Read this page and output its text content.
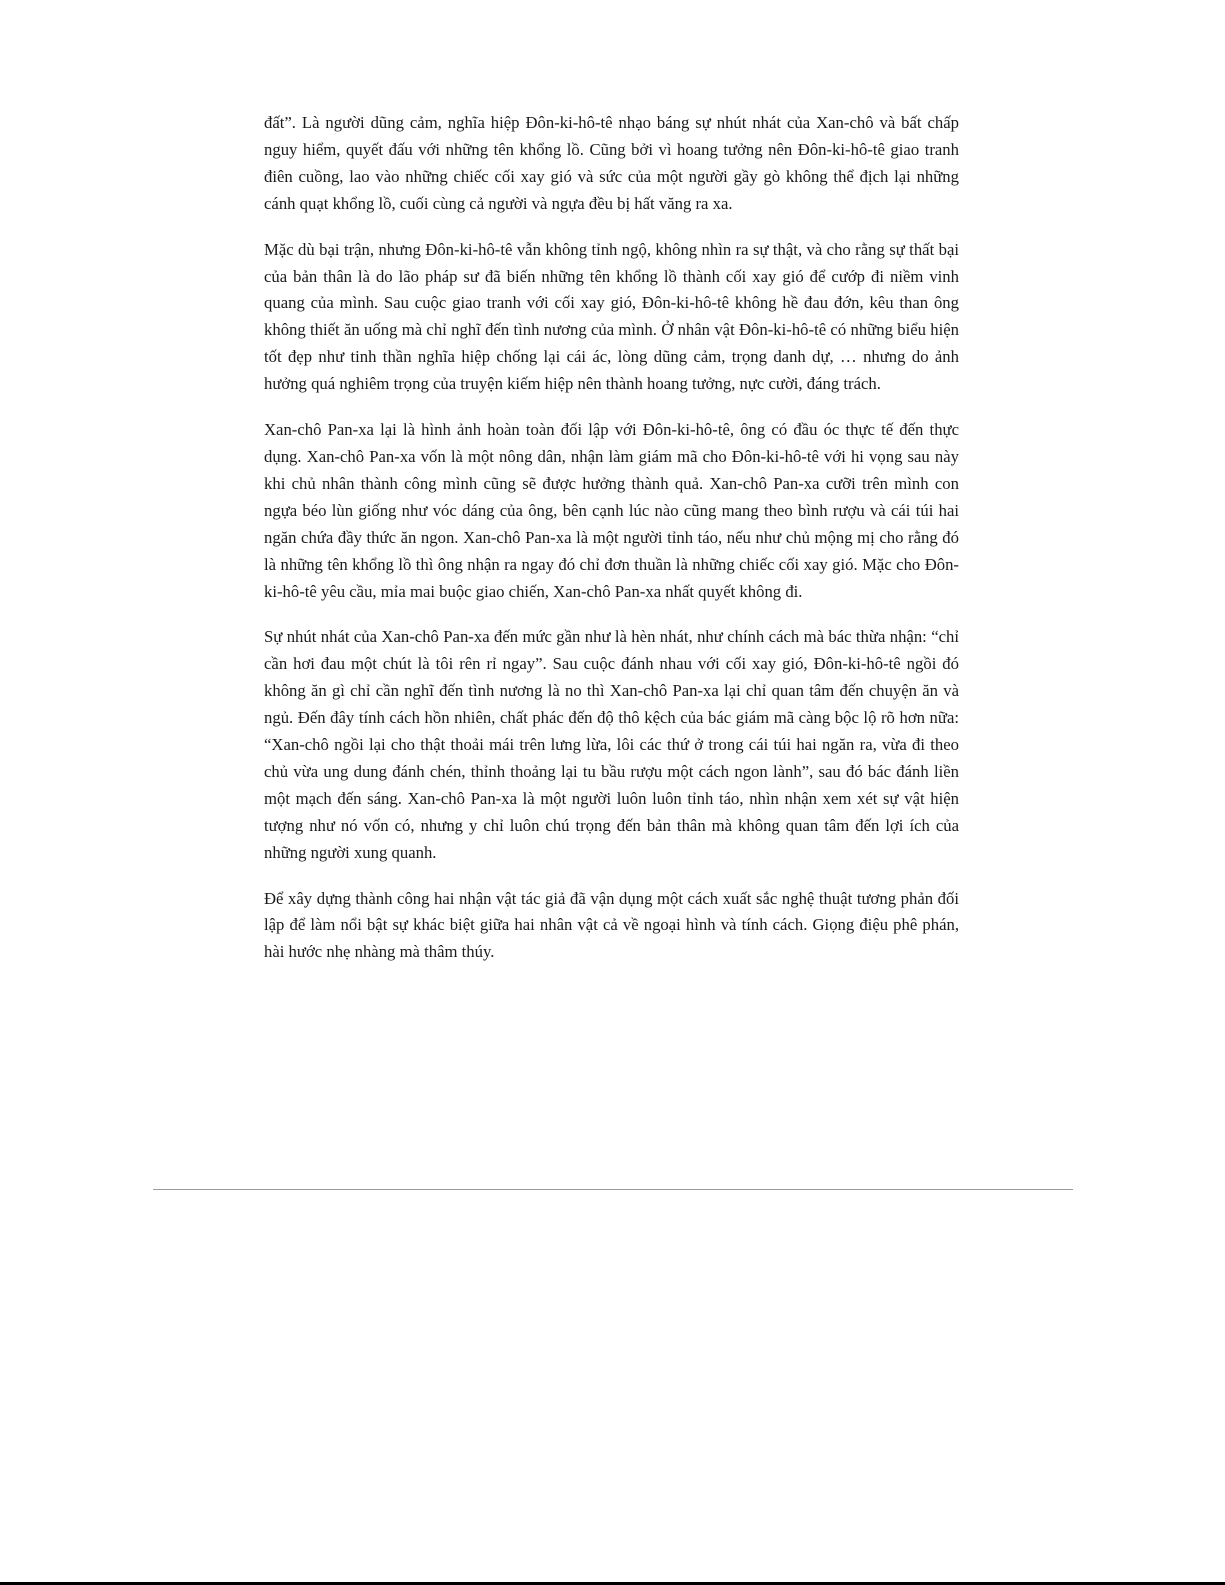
đất”. Là người dũng cảm, nghĩa hiệp Đôn-ki-hô-tê nhạo báng sự nhút nhát của Xan-chô và bất chấp nguy hiểm, quyết đấu với những tên khổng lồ. Cũng bởi vì hoang tưởng nên Đôn-ki-hô-tê giao tranh điên cuồng, lao vào những chiếc cối xay gió và sức của một người gầy gò không thể địch lại những cánh quạt khổng lồ, cuối cùng cả người và ngựa đều bị hất văng ra xa.

Mặc dù bại trận, nhưng Đôn-ki-hô-tê vẫn không tỉnh ngộ, không nhìn ra sự thật, và cho rằng sự thất bại của bản thân là do lão pháp sư đã biến những tên khổng lồ thành cối xay gió để cướp đi niềm vinh quang của mình. Sau cuộc giao tranh với cối xay gió, Đôn-ki-hô-tê không hề đau đớn, kêu than ông không thiết ăn uống mà chỉ nghĩ đến tình nương của mình. Ở nhân vật Đôn-ki-hô-tê có những biểu hiện tốt đẹp như tinh thần nghĩa hiệp chống lại cái ác, lòng dũng cảm, trọng danh dự, … nhưng do ảnh hưởng quá nghiêm trọng của truyện kiếm hiệp nên thành hoang tưởng, nực cười, đáng trách.

Xan-chô Pan-xa lại là hình ảnh hoàn toàn đối lập với Đôn-ki-hô-tê, ông có đầu óc thực tế đến thực dụng. Xan-chô Pan-xa vốn là một nông dân, nhận làm giám mã cho Đôn-ki-hô-tê với hi vọng sau này khi chủ nhân thành công mình cũng sẽ được hưởng thành quả. Xan-chô Pan-xa cưỡi trên mình con ngựa béo lùn giống như vóc dáng của ông, bên cạnh lúc nào cũng mang theo bình rượu và cái túi hai ngăn chứa đầy thức ăn ngon. Xan-chô Pan-xa là một người tỉnh táo, nếu như chủ mộng mị cho rằng đó là những tên khổng lồ thì ông nhận ra ngay đó chỉ đơn thuần là những chiếc cối xay gió. Mặc cho Đôn-ki-hô-tê yêu cầu, mỉa mai buộc giao chiến, Xan-chô Pan-xa nhất quyết không đi.

Sự nhút nhát của Xan-chô Pan-xa đến mức gần như là hèn nhát, như chính cách mà bác thừa nhận: “chỉ cần hơi đau một chút là tôi rên rỉ ngay”. Sau cuộc đánh nhau với cối xay gió, Đôn-ki-hô-tê ngồi đó không ăn gì chỉ cần nghĩ đến tình nương là no thì Xan-chô Pan-xa lại chỉ quan tâm đến chuyện ăn và ngủ. Đến đây tính cách hồn nhiên, chất phác đến độ thô kệch của bác giám mã càng bộc lộ rõ hơn nữa: “Xan-chô ngồi lại cho thật thoải mái trên lưng lừa, lôi các thứ ở trong cái túi hai ngăn ra, vừa đi theo chủ vừa ung dung đánh chén, thỉnh thoảng lại tu bầu rượu một cách ngon lành”, sau đó bác đánh liền một mạch đến sáng. Xan-chô Pan-xa là một người luôn luôn tỉnh táo, nhìn nhận xem xét sự vật hiện tượng như nó vốn có, nhưng y chỉ luôn chú trọng đến bản thân mà không quan tâm đến lợi ích của những người xung quanh.

Để xây dựng thành công hai nhận vật tác giả đã vận dụng một cách xuất sắc nghệ thuật tương phản đối lập để làm nổi bật sự khác biệt giữa hai nhân vật cả về ngoại hình và tính cách. Giọng điệu phê phán, hài hước nhẹ nhàng mà thâm thúy.
